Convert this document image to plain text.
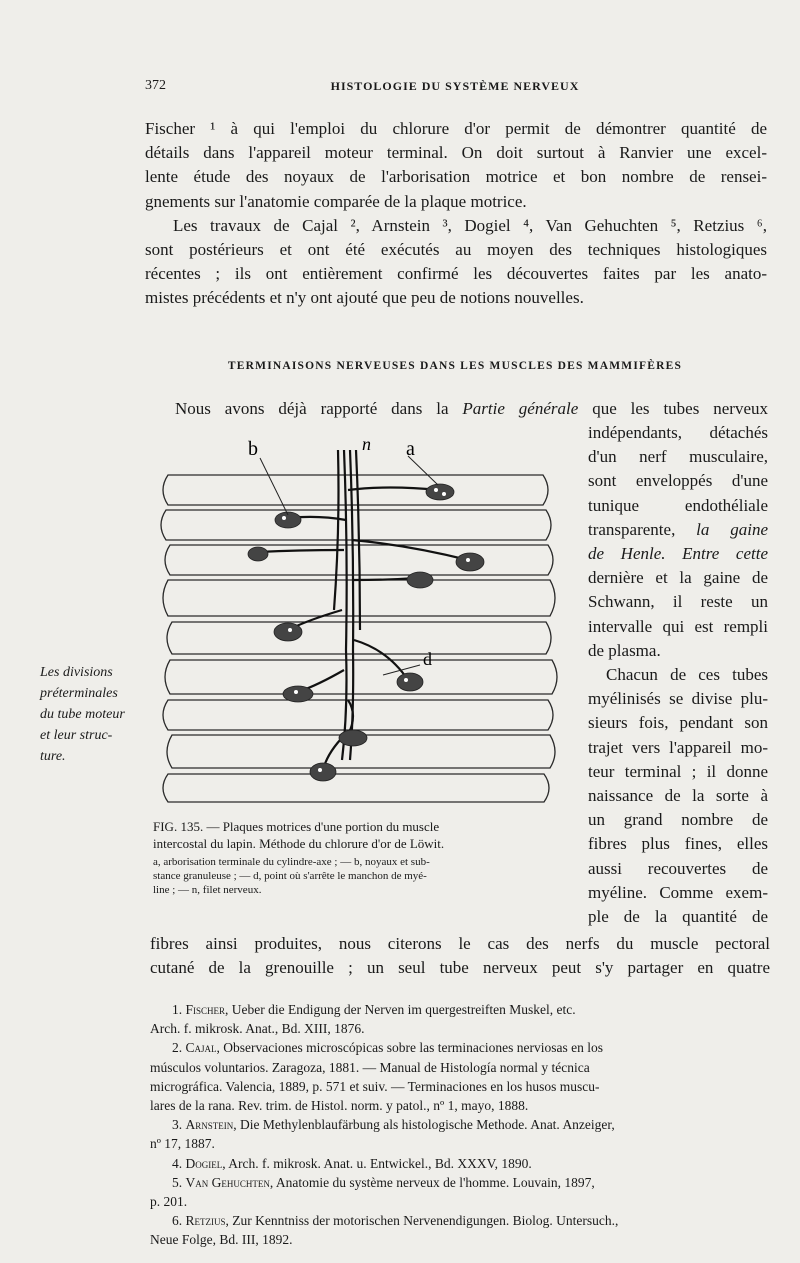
372	HISTOLOGIE DU SYSTÈME NERVEUX
Fischer ¹ à qui l'emploi du chlorure d'or permit de démontrer quantité de
détails dans l'appareil moteur terminal. On doit surtout à Ranvier une excel-
lente étude des noyaux de l'arborisation motrice et bon nombre de rensei-
gnements sur l'anatomie comparée de la plaque motrice.
Les travaux de Cajal ², Arnstein ³, Dogiel ⁴, Van Gehuchten ⁵, Retzius ⁶,
sont postérieurs et ont été exécutés au moyen des techniques histologiques
récentes ; ils ont entièrement confirmé les découvertes faites par les anato-
mistes précédents et n'y ont ajouté que peu de notions nouvelles.
TERMINAISONS NERVEUSES DANS LES MUSCLES DES MAMMIFÈRES
Nous avons déjà rapporté dans la Partie générale que les tubes nerveux
indépendants, détachés
d'un nerf musculaire,
sont enveloppés d'une
tunique endothéliale
transparente, la gaine
de Henle. Entre cette
dernière et la gaine de
Schwann, il reste un
intervalle qui est rempli
de plasma.
Chacun de ces tubes
myélinisés se divise plu-
sieurs fois, pendant son
trajet vers l'appareil mo-
teur terminal ; il donne
naissance de la sorte à
un grand nombre de
fibres plus fines, elles
aussi recouvertes de
myéline. Comme exem-
ple de la quantité de
Les divisions
préterminales
du tube moteur
et leur struc-
ture.
b	n a
d
FIG. 135. — Plaques motrices d'une portion du muscle
intercostal du lapin. Méthode du chlorure d'or de Löwit.
a, arborisation terminale du cylindre-axe ; — b, noyaux et sub-
stance granuleuse ; — d, point où s'arrête le manchon de myé-
line ; — n, filet nerveux.
fibres ainsi produites, nous citerons le cas des nerfs du muscle pectoral
cutané de la grenouille ; un seul tube nerveux peut s'y partager en quatre
1. Fischer, Ueber die Endigung der Nerven im quergestreiften Muskel, etc.
Arch. f. mikrosk. Anat., Bd. XIII, 1876.
2. Cajal, Observaciones microscópicas sobre las terminaciones nerviosas en los
músculos voluntarios. Zaragoza, 1881. — Manual de Histología normal y técnica
micrográfica. Valencia, 1889, p. 571 et suiv. — Terminaciones en los husos muscu-
lares de la rana. Rev. trim. de Histol. norm. y patol., nº 1, mayo, 1888.
3. Arnstein, Die Methylenblaufärbung als histologische Methode. Anat. Anzeiger,
nº 17, 1887.
4. Dogiel, Arch. f. mikrosk. Anat. u. Entwickel., Bd. XXXV, 1890.
5. Van Gehuchten, Anatomie du système nerveux de l'homme. Louvain, 1897,
p. 201.
6. Retzius, Zur Kenntniss der motorischen Nervenendigungen. Biolog. Untersuch.,
Neue Folge, Bd. III, 1892.
